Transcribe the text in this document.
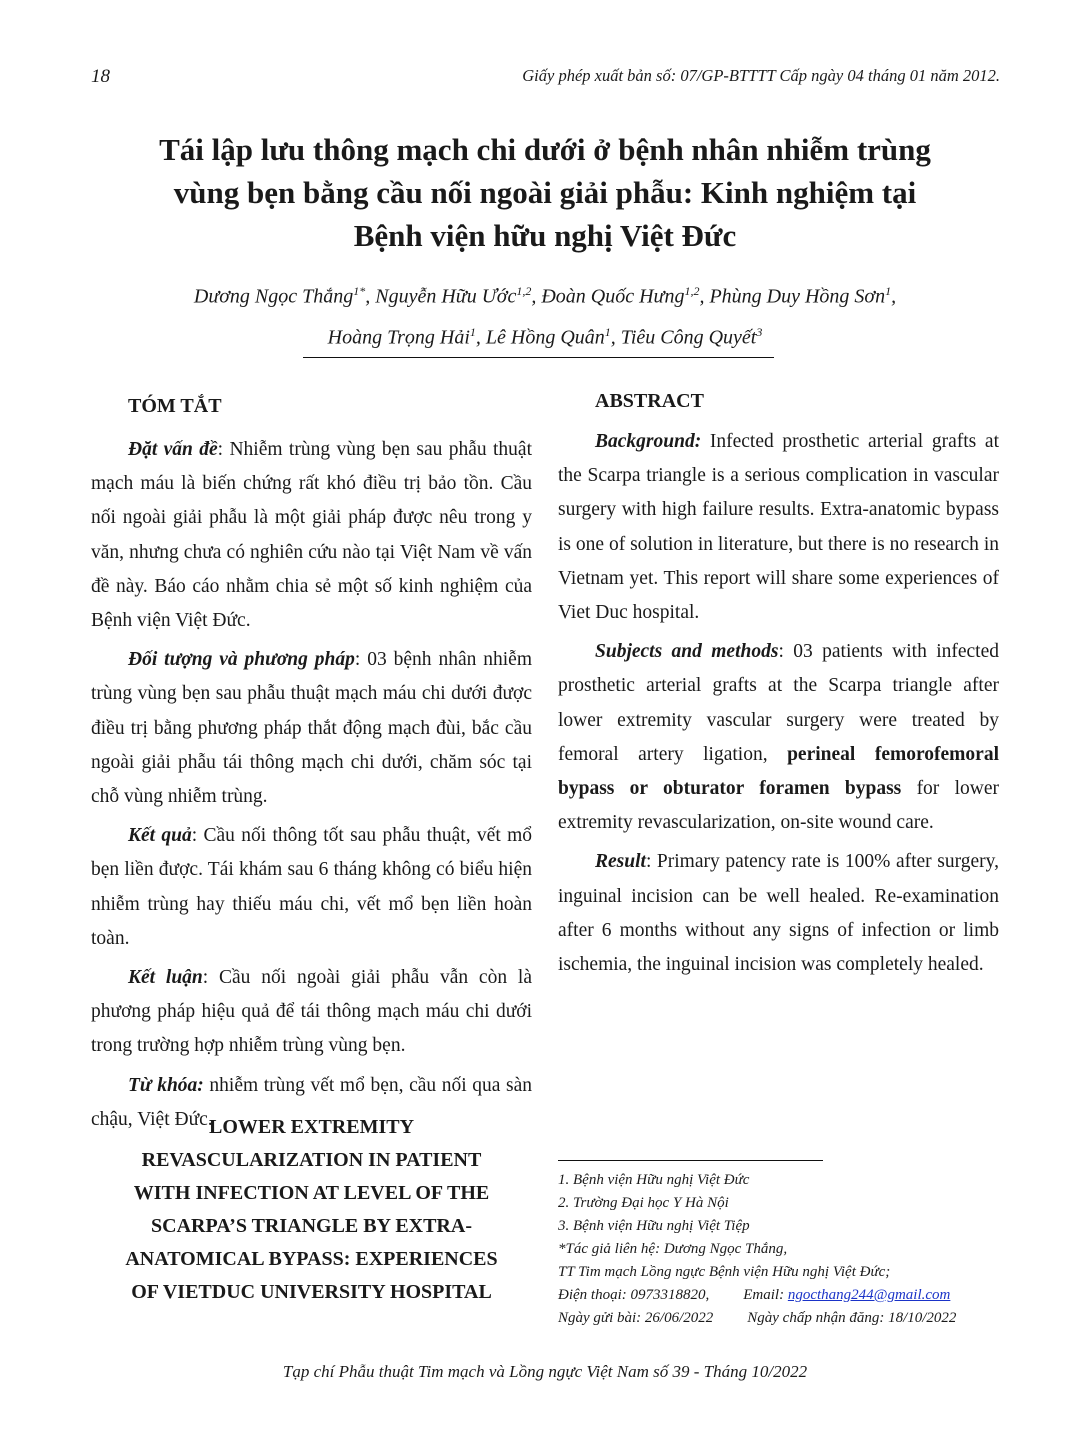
18	Giấy phép xuất bản số: 07/GP-BTTTT Cấp ngày 04 tháng 01 năm 2012.
Tái lập lưu thông mạch chi dưới ở bệnh nhân nhiễm trùng
vùng bẹn bằng cầu nối ngoài giải phẫu: Kinh nghiệm tại
Bệnh viện hữu nghị Việt Đức
Dương Ngọc Thắng$^{1*}$, Nguyễn Hữu Ước$^{1,2}$, Đoàn Quốc Hưng$^{1,2}$, Phùng Duy Hồng Sơn$^1$,
Hoàng Trọng Hải$^1$, Lê Hồng Quân$^1$, Tiêu Công Quyết$^3$
TÓM TẮT

Đặt vấn đề: Nhiễm trùng vùng bẹn sau phẫu thuật mạch máu là biến chứng rất khó điều trị bảo tồn. Cầu nối ngoài giải phẫu là một giải pháp được nêu trong y văn, nhưng chưa có nghiên cứu nào tại Việt Nam về vấn đề này. Báo cáo nhằm chia sẻ một số kinh nghiệm của Bệnh viện Việt Đức.

Đối tượng và phương pháp: 03 bệnh nhân nhiễm trùng vùng bẹn sau phẫu thuật mạch máu chi dưới được điều trị bằng phương pháp thắt động mạch đùi, bắc cầu ngoài giải phẫu tái thông mạch chi dưới, chăm sóc tại chỗ vùng nhiễm trùng.

Kết quả: Cầu nối thông tốt sau phẫu thuật, vết mổ bẹn liền được. Tái khám sau 6 tháng không có biểu hiện nhiễm trùng hay thiếu máu chi, vết mổ bẹn liền hoàn toàn.

Kết luận: Cầu nối ngoài giải phẫu vẫn còn là phương pháp hiệu quả để tái thông mạch máu chi dưới trong trường hợp nhiễm trùng vùng bẹn.

Từ khóa: nhiễm trùng vết mổ bẹn, cầu nối qua sàn chậu, Việt Đức.

LOWER EXTREMITY
REVASCULARIZATION IN PATIENT
WITH INFECTION AT LEVEL OF THE
SCARPA’S TRIANGLE BY EXTRA-
ANATOMICAL BYPASS: EXPERIENCES
OF VIETDUC UNIVERSITY HOSPITAL
ABSTRACT

Background: Infected prosthetic arterial grafts at the Scarpa triangle is a serious complication in vascular surgery with high failure results. Extra-anatomic bypass is one of solution in literature, but there is no research in Vietnam yet. This report will share some experiences of Viet Duc hospital.

Subjects and methods: 03 patients with infected prosthetic arterial grafts at the Scarpa triangle after lower extremity vascular surgery were treated by femoral artery ligation, perineal femorofemoral bypass or obturator foramen bypass for lower extremity revascularization, on-site wound care.

Result: Primary patency rate is 100% after surgery, inguinal incision can be well healed. Re-examination after 6 months without any signs of infection or limb ischemia, the inguinal incision was completely healed.

1. Bệnh viện Hữu nghị Việt Đức
2. Trường Đại học Y Hà Nội
3. Bệnh viện Hữu nghị Việt Tiệp
*Tác giả liên hệ: Dương Ngọc Thắng,
TT Tim mạch Lồng ngực Bệnh viện Hữu nghị Việt Đức;
Điện thoại: 0973318820, Email: ngocthang244@gmail.com
Ngày gửi bài: 26/06/2022 Ngày chấp nhận đăng: 18/10/2022
Tạp chí Phẫu thuật Tim mạch và Lồng ngực Việt Nam số 39 - Tháng 10/2022
